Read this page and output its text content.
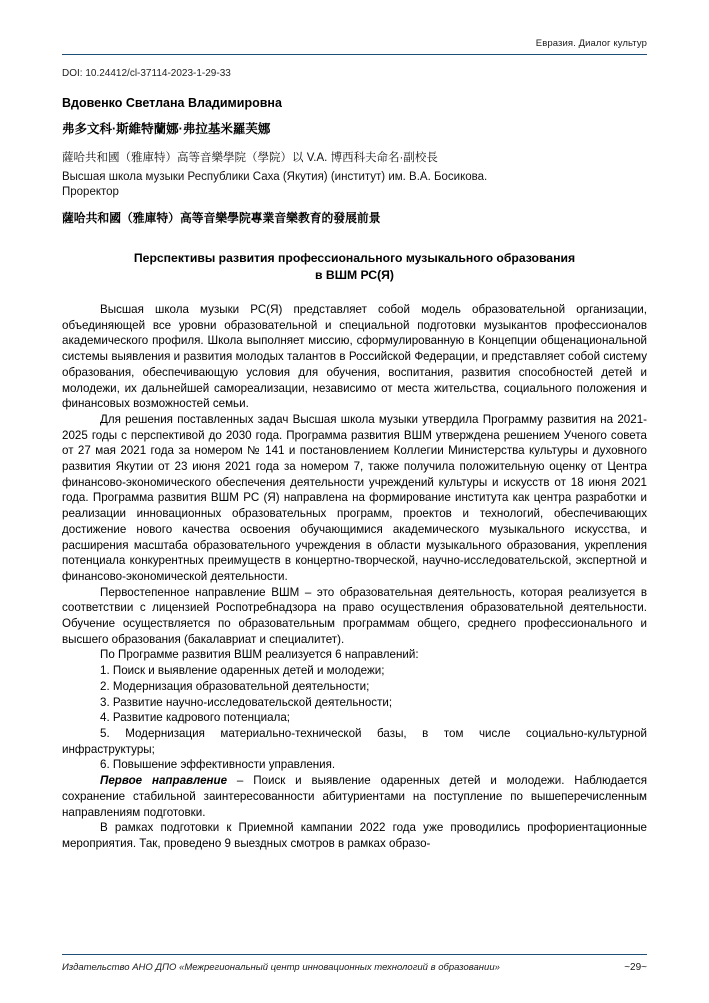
Евразия. Диалог культур
DOI: 10.24412/cl-37114-2023-1-29-33
Вдовенко Светлана Владимировна
弗多文科·斯維特蘭娜·弗拉基米羅芙娜
薩哈共和國（雅庫特）高等音樂學院（學院）以 V.A. 博西科夫命名·副校長
Высшая школа музыки Республики Саха (Якутия) (институт) им. В.А. Босикова.
Проректор
薩哈共和國（雅庫特）高等音樂學院專業音樂教育的發展前景
Перспективы развития профессионального музыкального образования
в ВШМ РС(Я)

Высшая школа музыки РС(Я) представляет собой модель образовательной организации, объединяющей все уровни образовательной и специальной подготовки музыкантов профессионалов академического профиля. Школа выполняет миссию, сформулированную в Концепции общенациональной системы выявления и развития молодых талантов в Российской Федерации, и представляет собой систему образования, обеспечивающую условия для обучения, воспитания, развития способностей детей и молодежи, их дальнейшей самореализации, независимо от места жительства, социального положения и финансовых возможностей семьи.

Для решения поставленных задач Высшая школа музыки утвердила Программу развития на 2021-2025 годы с перспективой до 2030 года. Программа развития ВШМ утверждена решением Ученого совета от 27 мая 2021 года за номером № 141 и постановлением Коллегии Министерства культуры и духовного развития Якутии от 23 июня 2021 года за номером 7, также получила положительную оценку от Центра финансово-экономического обеспечения деятельности учреждений культуры и искусств от 18 июня 2021 года. Программа развития ВШМ РС (Я) направлена на формирование института как центра разработки и реализации инновационных образовательных программ, проектов и технологий, обеспечивающих достижение нового качества освоения обучающимися академического музыкального искусства, и расширения масштаба образовательного учреждения в области музыкального образования, укрепления потенциала конкурентных преимуществ в концертно-творческой, научно-исследовательской, экспертной и финансово-экономической деятельности.

Первостепенное направление ВШМ – это образовательная деятельность, которая реализуется в соответствии с лицензией Роспотребнадзора на право осуществления образовательной деятельности. Обучение осуществляется по образовательным программам общего, среднего профессионального и высшего образования (бакалавриат и специалитет).

По Программе развития ВШМ реализуется 6 направлений:

1. Поиск и выявление одаренных детей и молодежи;

2. Модернизация образовательной деятельности;

3. Развитие научно-исследовательской деятельности;

4. Развитие кадрового потенциала;

5. Модернизация материально-технической базы, в том числе социально-культурной инфраструктуры;

6. Повышение эффективности управления.

Первое направление – Поиск и выявление одаренных детей и молодежи. Наблюдается сохранение стабильной заинтересованности абитуриентами на поступление по вышеперечисленным направлениям подготовки.

В рамках подготовки к Приемной кампании 2022 года уже проводились профориентационные мероприятия. Так, проведено 9 выездных смотров в рамках образо-

Издательство АНО ДПО «Межрегиональный центр инновационных технологий в образовании»	~29~
